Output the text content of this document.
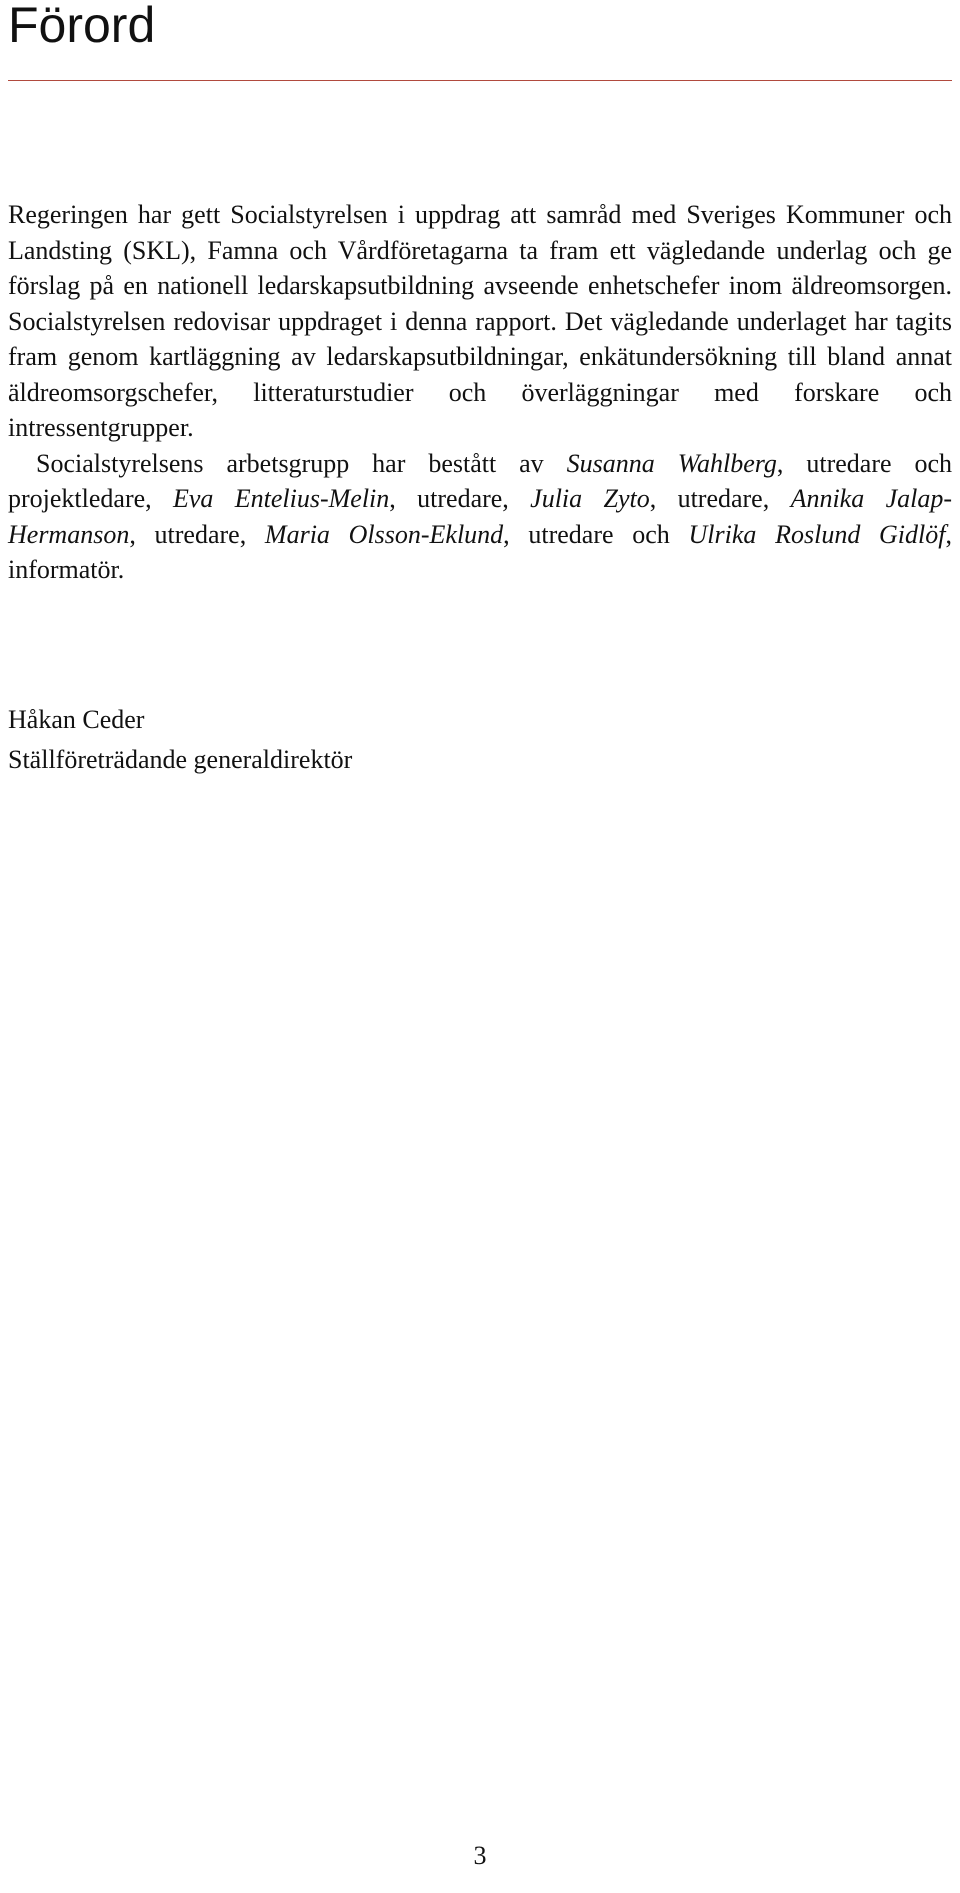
Förord

Regeringen har gett Socialstyrelsen i uppdrag att samråd med Sveriges Kommuner och Landsting (SKL), Famna och Vårdföretagarna ta fram ett vägledande underlag och ge förslag på en nationell ledarskapsutbildning avseende enhetschefer inom äldreomsorgen. Socialstyrelsen redovisar uppdraget i denna rapport. Det vägledande underlaget har tagits fram genom kartläggning av ledarskapsutbildningar, enkätundersökning till bland annat äldreomsorgschefer, litteraturstudier och överläggningar med forskare och intressentgrupper.

Socialstyrelsens arbetsgrupp har bestått av Susanna Wahlberg, utredare och projektledare, Eva Entelius-Melin, utredare, Julia Zyto, utredare, Annika Jalap-Hermanson, utredare, Maria Olsson-Eklund, utredare och Ulrika Roslund Gidlöf, informatör.

Håkan Ceder
Ställföreträdande generaldirektör
3
